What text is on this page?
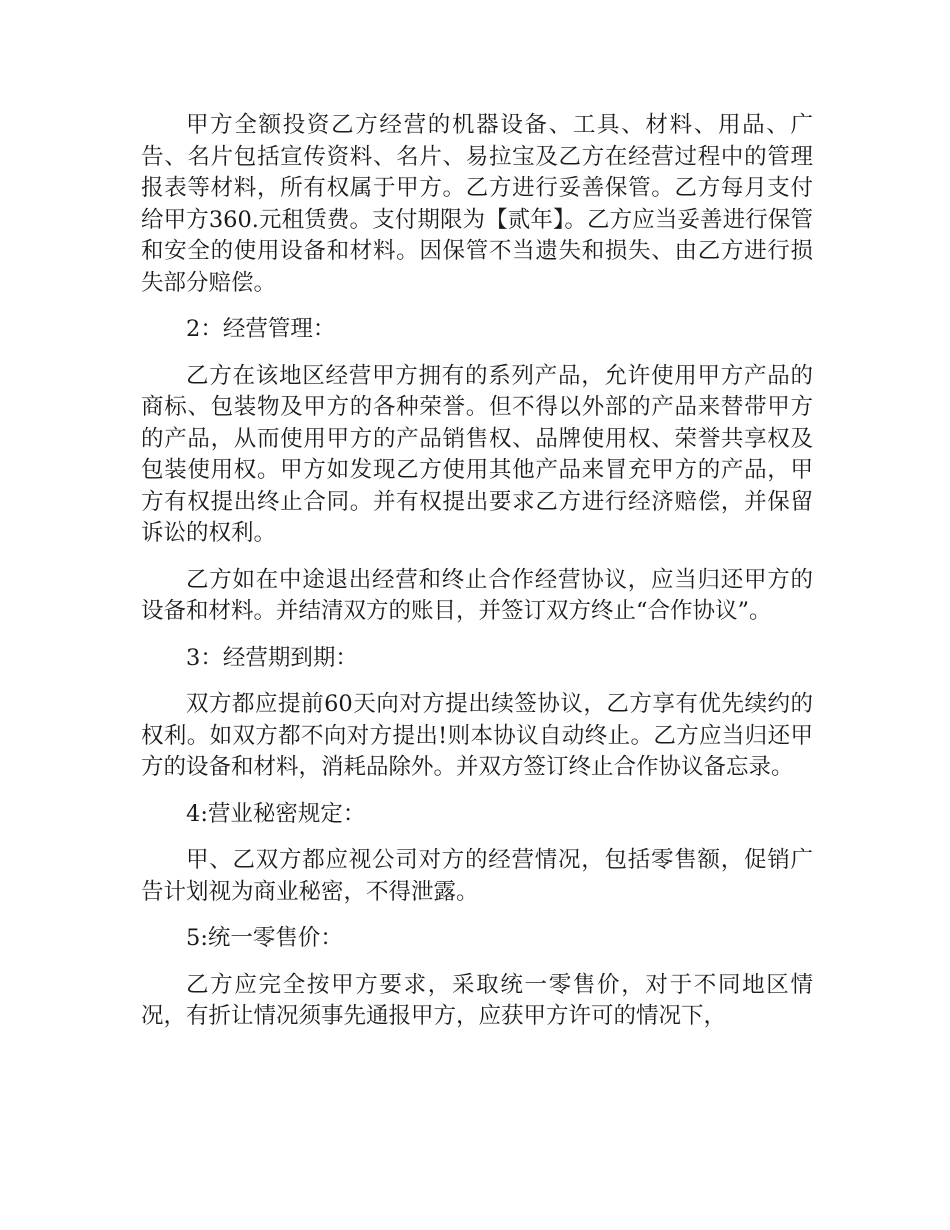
甲方全额投资乙方经营的机器设备、工具、材料、用品、广告、名片包括宣传资料、名片、易拉宝及乙方在经营过程中的管理报表等材料，所有权属于甲方。乙方进行妥善保管。乙方每月支付给甲方360.元租赁费。支付期限为【贰年】。乙方应当妥善进行保管和安全的使用设备和材料。因保管不当遗失和损失、由乙方进行损失部分赔偿。

2：经营管理：

乙方在该地区经营甲方拥有的系列产品，允许使用甲方产品的商标、包装物及甲方的各种荣誉。但不得以外部的产品来替带甲方的产品，从而使用甲方的产品销售权、品牌使用权、荣誉共享权及包装使用权。甲方如发现乙方使用其他产品来冒充甲方的产品，甲方有权提出终止合同。并有权提出要求乙方进行经济赔偿，并保留诉讼的权利。

乙方如在中途退出经营和终止合作经营协议，应当归还甲方的设备和材料。并结清双方的账目，并签订双方终止“合作协议”。

3：经营期到期：

双方都应提前60天向对方提出续签协议，乙方享有优先续约的权利。如双方都不向对方提出!则本协议自动终止。乙方应当归还甲方的设备和材料，消耗品除外。并双方签订终止合作协议备忘录。

4:营业秘密规定：

甲、乙双方都应视公司对方的经营情况，包括零售额，促销广告计划视为商业秘密，不得泄露。

5:统一零售价：

乙方应完全按甲方要求，采取统一零售价，对于不同地区情况，有折让情况须事先通报甲方，应获甲方许可的情况下，
